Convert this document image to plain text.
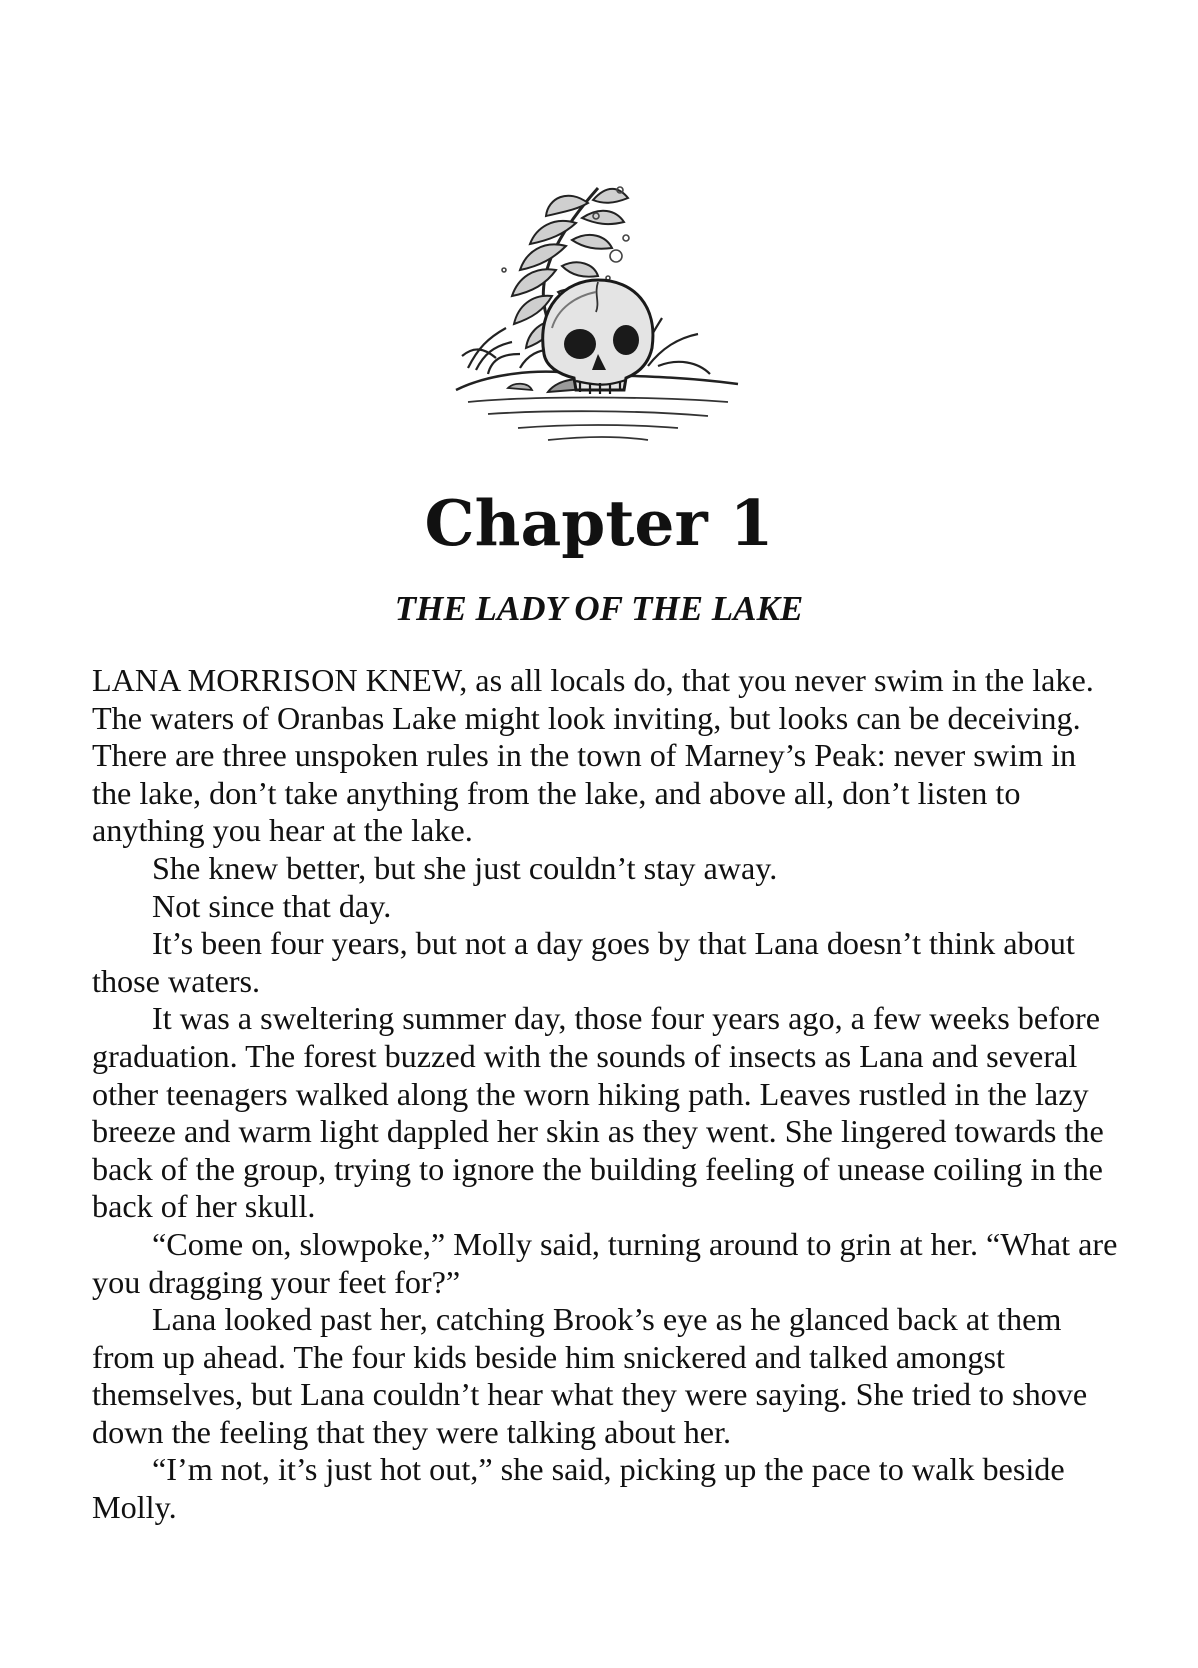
Chapter 1
THE LADY OF THE LAKE

LANA MORRISON KNEW, as all locals do, that you never swim in the lake. The waters of Oranbas Lake might look inviting, but looks can be deceiving. There are three unspoken rules in the town of Marney’s Peak: never swim in the lake, don’t take anything from the lake, and above all, don’t listen to anything you hear at the lake.

She knew better, but she just couldn’t stay away.

Not since that day.

It’s been four years, but not a day goes by that Lana doesn’t think about those waters.

It was a sweltering summer day, those four years ago, a few weeks before graduation. The forest buzzed with the sounds of insects as Lana and several other teenagers walked along the worn hiking path. Leaves rustled in the lazy breeze and warm light dappled her skin as they went. She lingered towards the back of the group, trying to ignore the building feeling of unease coiling in the back of her skull.

“Come on, slowpoke,” Molly said, turning around to grin at her. “What are you dragging your feet for?”

Lana looked past her, catching Brook’s eye as he glanced back at them from up ahead. The four kids beside him snickered and talked amongst themselves, but Lana couldn’t hear what they were saying. She tried to shove down the feeling that they were talking about her.

“I’m not, it’s just hot out,” she said, picking up the pace to walk beside Molly.
